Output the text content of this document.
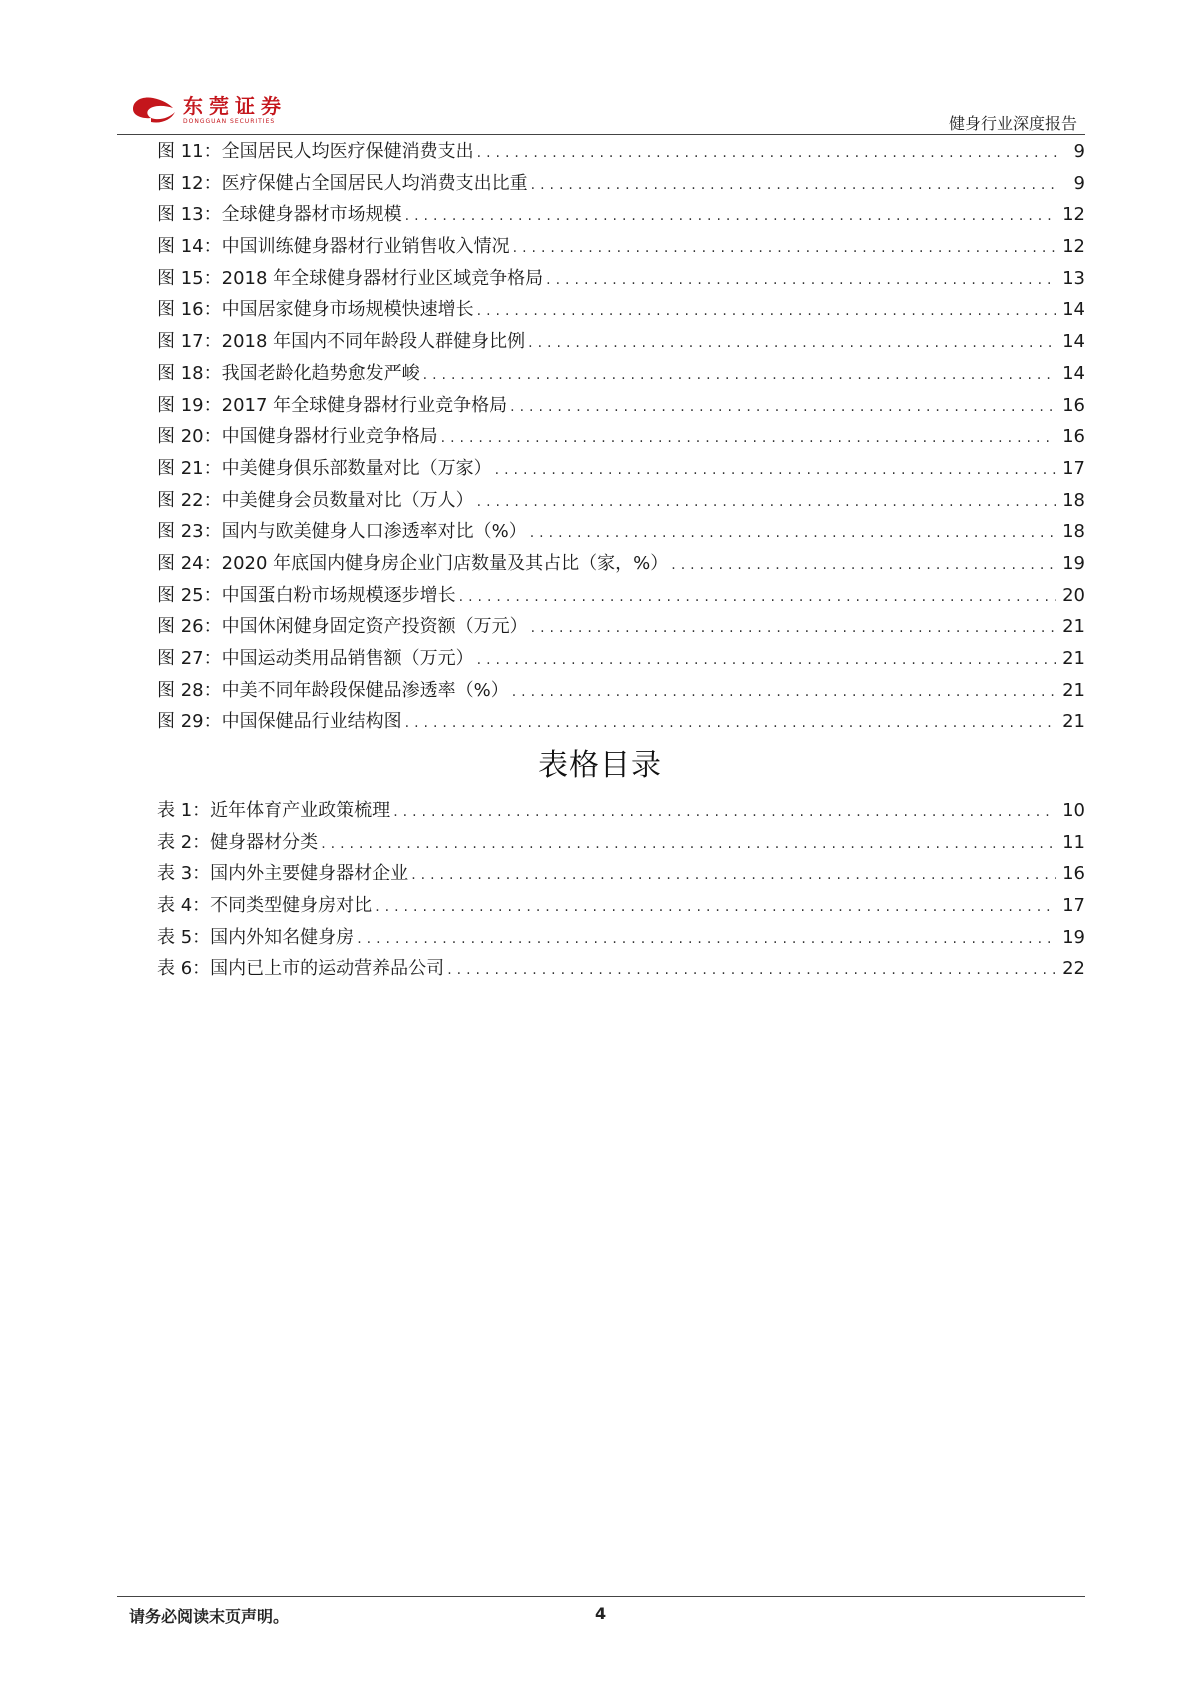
东莞证券
DONGGUAN SECURITIES	健身行业深度报告
图 11：全国居民人均医疗保健消费支出 .....	9
图 12：医疗保健占全国居民人均消费支出比重 .....	9
图 13：全球健身器材市场规模 .....	12
图 14：中国训练健身器材行业销售收入情况 .....	12
图 15：2018 年全球健身器材行业区域竞争格局 .....	13
图 16：中国居家健身市场规模快速增长 .....	14
图 17：2018 年国内不同年龄段人群健身比例 .....	14
图 18：我国老龄化趋势愈发严峻 .....	14
图 19：2017 年全球健身器材行业竞争格局 .....	16
图 20：中国健身器材行业竞争格局 .....	16
图 21：中美健身俱乐部数量对比（万家） .....	17
图 22：中美健身会员数量对比（万人） .....	18
图 23：国内与欧美健身人口渗透率对比（%） .....	18
图 24：2020 年底国内健身房企业门店数量及其占比（家，%） .....	19
图 25：中国蛋白粉市场规模逐步增长 .....	20
图 26：中国休闲健身固定资产投资额（万元） .....	21
图 27：中国运动类用品销售额（万元） .....	21
图 28：中美不同年龄段保健品渗透率（%） .....	21
图 29：中国保健品行业结构图 .....	21
表格目录
表 1：近年体育产业政策梳理 .....	10
表 2：健身器材分类 .....	11
表 3：国内外主要健身器材企业 .....	16
表 4：不同类型健身房对比 .....	17
表 5：国内外知名健身房 .....	19
表 6：国内已上市的运动营养品公司 .....	22
请务必阅读末页声明。	4
